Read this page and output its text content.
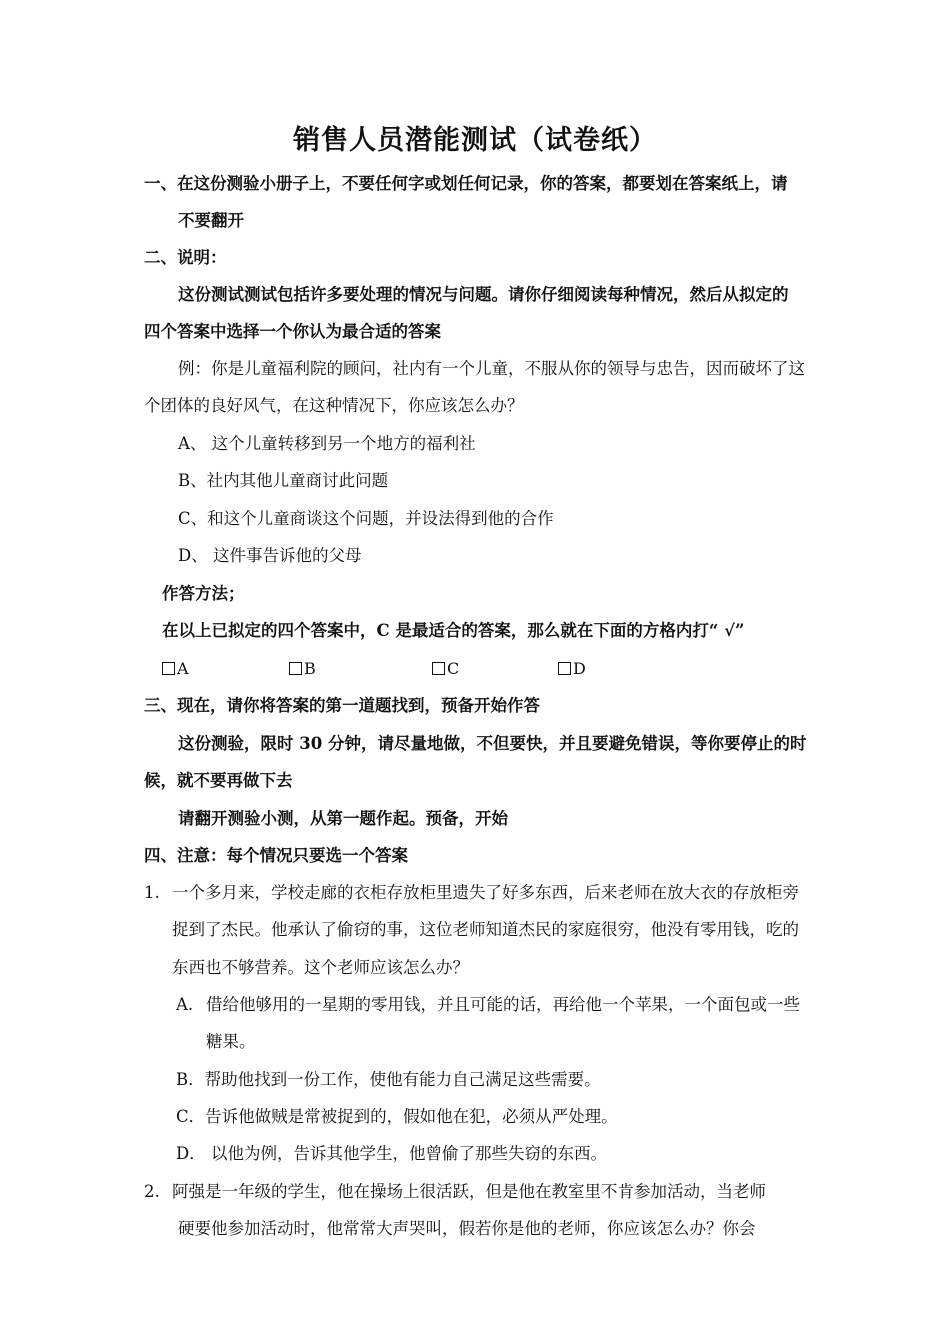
销售人员潜能测试（试卷纸）
一、在这份测验小册子上，不要任何字或划任何记录，你的答案，都要划在答案纸上，请
不要翻开
二、说明：
这份测试测试包括许多要处理的情况与问题。请你仔细阅读每种情况，然后从拟定的
四个答案中选择一个你认为最合适的答案
例：你是儿童福利院的顾问，社内有一个儿童，不服从你的领导与忠告，因而破坏了这
个团体的良好风气，在这种情况下，你应该怎么办？
A、 这个儿童转移到另一个地方的福利社
B、社内其他儿童商讨此问题
C、和这个儿童商谈这个问题，并设法得到他的合作
D、 这件事告诉他的父母
作答方法；
在以上已拟定的四个答案中，C 是最适合的答案，那么就在下面的方格内打“ √”
A	B	C	D
三、现在，请你将答案的第一道题找到，预备开始作答
这份测验，限时 30 分钟，请尽量地做，不但要快，并且要避免错误，等你要停止的时
候，就不要再做下去
请翻开测验小测，从第一题作起。预备，开始
四、注意：每个情况只要选一个答案
1. 一个多月来，学校走廊的衣柜存放柜里遗失了好多东西，后来老师在放大衣的存放柜旁
捉到了杰民。他承认了偷窃的事，这位老师知道杰民的家庭很穷，他没有零用钱，吃的
东西也不够营养。这个老师应该怎么办？
A. 借给他够用的一星期的零用钱，并且可能的话，再给他一个苹果，一个面包或一些
糖果。
B．帮助他找到一份工作，使他有能力自己满足这些需要。
C．告诉他做贼是常被捉到的，假如他在犯，必须从严处理。
D． 以他为例，告诉其他学生，他曾偷了那些失窃的东西。
2. 阿强是一年级的学生，他在操场上很活跃，但是他在教室里不肯参加活动，当老师
硬要他参加活动时，他常常大声哭叫，假若你是他的老师，你应该怎么办？你会
